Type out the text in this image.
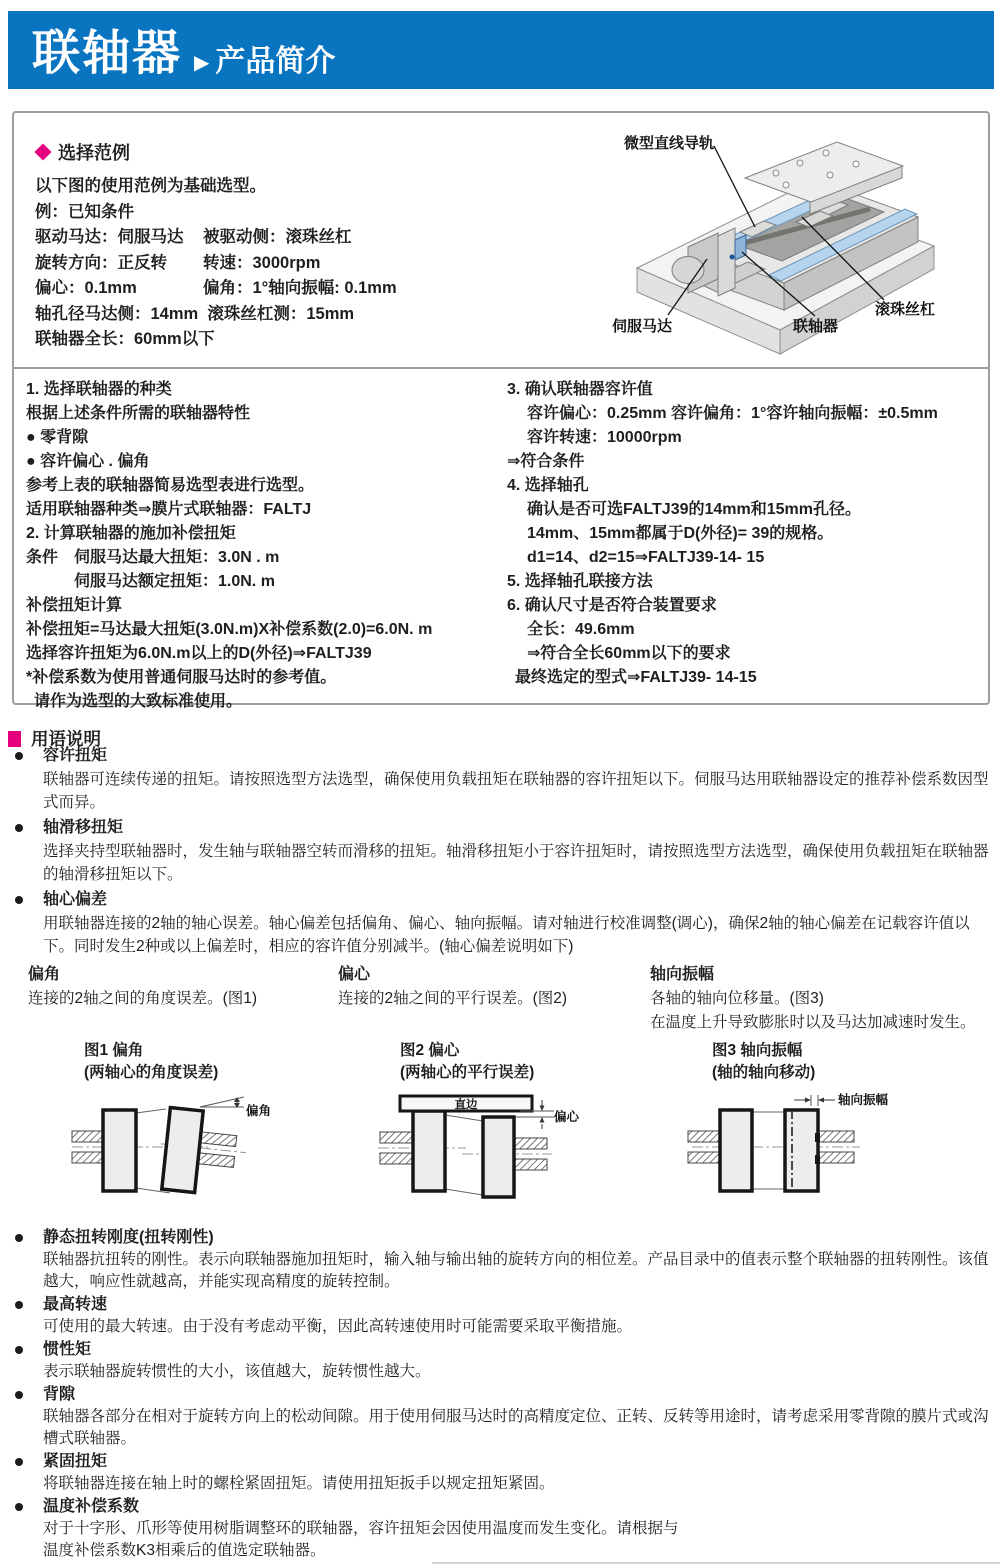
联轴器 ▶ 产品简介
选择范例
以下图的使用范例为基础选型。
例：已知条件
驱动马达：伺服马达	被驱动侧：滚珠丝杠
旋转方向：正反转	转速：3000rpm
偏心：0.1mm	偏角：1°轴向振幅: 0.1mm
轴孔径马达侧：14mm  滚珠丝杠测：15mm
联轴器全长：60mm以下
1. 选择联轴器的种类
根据上述条件所需的联轴器特性
● 零背隙
● 容许偏心 . 偏角
参考上表的联轴器简易选型表进行选型。
适用联轴器种类⇒膜片式联轴器：FALTJ
2. 计算联轴器的施加补偿扭矩
条件　伺服马达最大扭矩：3.0N . m
　　　伺服马达额定扭矩：1.0N. m
补偿扭矩计算
补偿扭矩=马达最大扭矩(3.0N.m)X补偿系数(2.0)=6.0N. m
选择容许扭矩为6.0N.m以上的D(外径)⇒FALTJ39
*补偿系数为使用普通伺服马达时的参考值。
请作为选型的大致标准使用。
3. 确认联轴器容许值
容许偏心：0.25mm 容许偏角：1°容许轴向振幅：±0.5mm
容许转速：10000rpm
⇒符合条件
4. 选择轴孔
确认是否可选FALTJ39的14mm和15mm孔径。
14mm、15mm都属于D(外径)= 39的规格。
d1=14、d2=15⇒FALTJ39-14- 15
5. 选择轴孔联接方法
6. 确认尺寸是否符合装置要求
全长：49.6mm
⇒符合全长60mm以下的要求
最终选定的型式⇒FALTJ39- 14-15
微型直线导轨
伺服马达	联轴器
滚珠丝杠
用语说明
容许扭矩
联轴器可连续传递的扭矩。请按照选型方法选型，确保使用负载扭矩在联轴器的容许扭矩以下。伺服马达用联轴器设定的推荐补偿系数因型式而异。
轴滑移扭矩
选择夹持型联轴器时，发生轴与联轴器空转而滑移的扭矩。轴滑移扭矩小于容许扭矩时，请按照选型方法选型，确保使用负载扭矩在联轴器的轴滑移扭矩以下。
轴心偏差
用联轴器连接的2轴的轴心误差。轴心偏差包括偏角、偏心、轴向振幅。请对轴进行校准调整(调心)，确保2轴的轴心偏差在记载容许值以下。同时发生2种或以上偏差时，相应的容许值分别减半。(轴心偏差说明如下)
偏角
连接的2轴之间的角度误差。(图1)
偏心
连接的2轴之间的平行误差。(图2)
轴向振幅
各轴的轴向位移量。(图3)
在温度上升导致膨胀时以及马达加减速时发生。
图1 偏角
(两轴心的角度误差)
图2 偏心
(两轴心的平行误差)
图3 轴向振幅
(轴的轴向移动)
偏角	直边
偏心
轴向振幅
静态扭转刚度(扭转刚性)
联轴器抗扭转的刚性。表示向联轴器施加扭矩时，输入轴与输出轴的旋转方向的相位差。产品目录中的值表示整个联轴器的扭转刚性。该值越大，响应性就越高，并能实现高精度的旋转控制。
最高转速
可使用的最大转速。由于没有考虑动平衡，因此高转速使用时可能需要采取平衡措施。
惯性矩
表示联轴器旋转惯性的大小，该值越大，旋转惯性越大。
背隙
联轴器各部分在相对于旋转方向上的松动间隙。用于使用伺服马达时的高精度定位、正转、反转等用途时，请考虑采用零背隙的膜片式或沟槽式联轴器。
紧固扭矩
将联轴器连接在轴上时的螺栓紧固扭矩。请使用扭矩扳手以规定扭矩紧固。
温度补偿系数
对于十字形、爪形等使用树脂调整环的联轴器，容许扭矩会因使用温度而发生变化。请根据与
温度补偿系数K3相乘后的值选定联轴器。
